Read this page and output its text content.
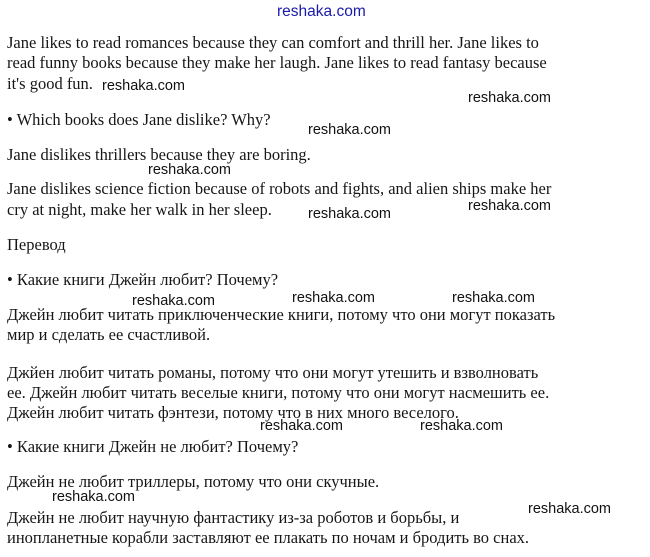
Jane likes to read romances because they can comfort and thrill her. Jane likes to
read funny books because they make her laugh. Jane likes to read fantasy because
it's good fun.
• Which books does Jane dislike? Why?
Jane dislikes thrillers because they are boring.
Jane dislikes science fiction because of robots and fights, and alien ships make her
cry at night, make her walk in her sleep.
Перевод
• Какие книги Джейн любит? Почему?
Джейн любит читать приключенческие книги, потому что они могут показать
мир и сделать ее счастливой.
Джйен любит читать романы, потому что они могут утешить и взволновать
ее. Джейн любит читать веселые книги, потому что они могут насмешить ее.
Джейн любит читать фэнтези, потому что в них много веселого.
• Какие книги Джейн не любит? Почему?
Джейн не любит триллеры, потому что они скучные.
Джейн не любит научную фантастику из-за роботов и борьбы, и
инопланетные корабли заставляют ее плакать по ночам и бродить во снах.
reshaka.com
reshaka.com
reshaka.com
reshaka.com
reshaka.com
reshaka.com
reshaka.com
reshaka.com	reshaka.com
reshaka.com
reshaka.com	reshaka.com
reshaka.com
reshaka.com
